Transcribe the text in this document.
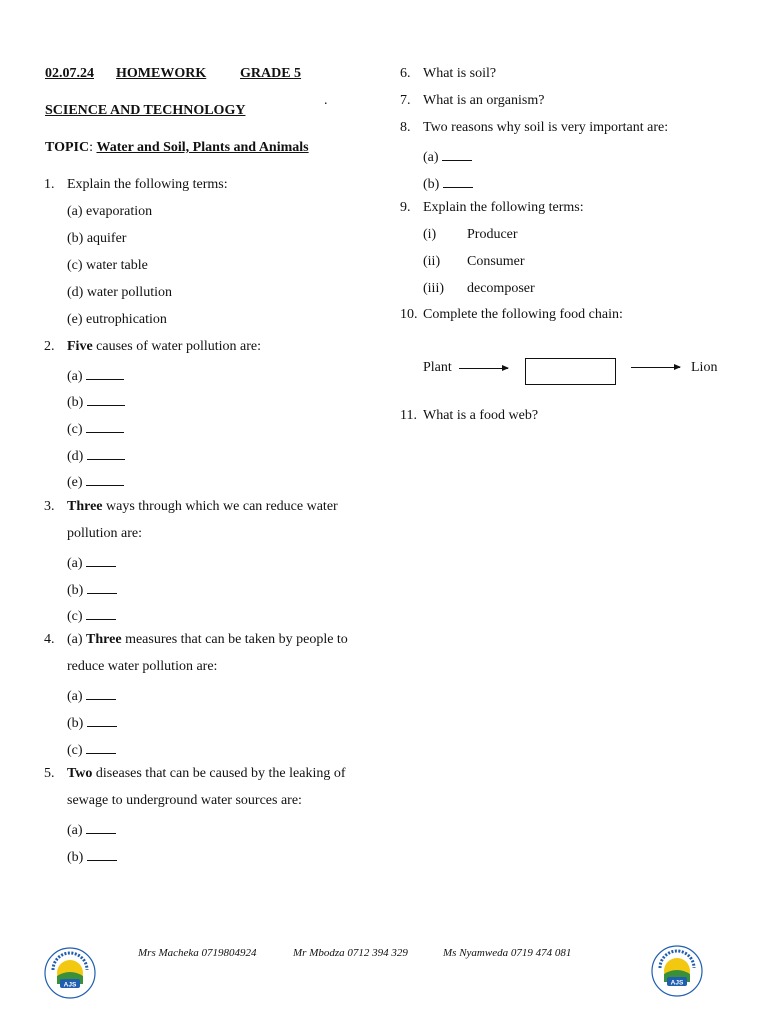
02.07.24 HOMEWORK GRADE 5
.
SCIENCE AND TECHNOLOGY
TOPIC: Water and Soil, Plants and Animals
1. Explain the following terms:
(a) evaporation
(b) aquifer
(c) water table
(d) water pollution
(e) eutrophication
2. Five causes of water pollution are:
(a)
(b)
(c)
(d)
(e)
3. Three ways through which we can reduce water
pollution are:
(a)
(b)
(c)
4. (a) Three measures that can be taken by people to
reduce water pollution are:
(a)
(b)
(c)
5. Two diseases that can be caused by the leaking of
sewage to underground water sources are:
(a)
(b)
6. What is soil?
7. What is an organism?
8. Two reasons why soil is very important are:
(a)
(b)
9. Explain the following terms:
(i) Producer
(ii) Consumer
(iii) decomposer
10. Complete the following food chain:
Plant	Lion
11. What is a food web?
AJS
Mrs Macheka 0719804924	Mr Mbodza 0712 394 329	Ms Nyamweda 0719 474 081
AJS
